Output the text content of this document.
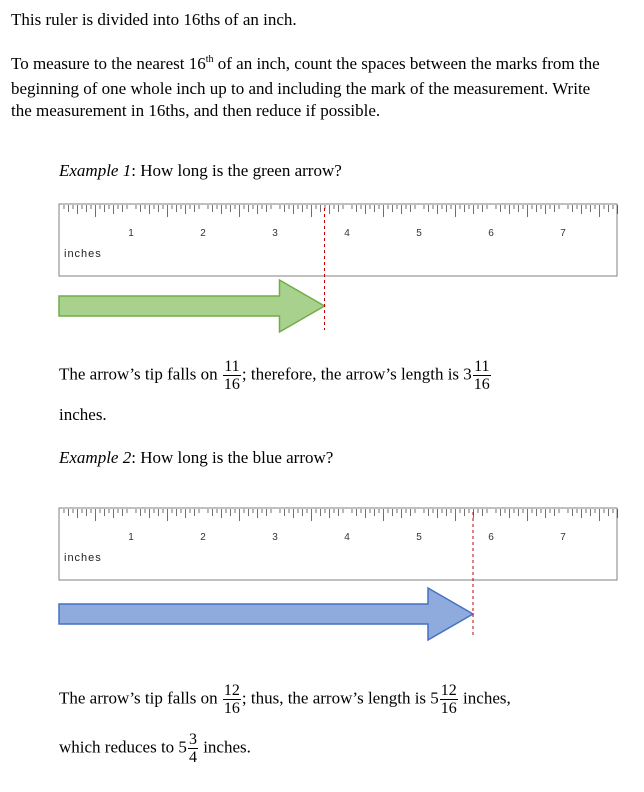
This ruler is divided into 16ths of an inch.
To measure to the nearest 16th of an inch, count the spaces between the marks from the beginning of one whole inch up to and including the mark of the measurement. Write the measurement in 16ths, and then reduce if possible.
Example 1: How long is the green arrow?
Example 2: How long is the blue arrow?
1	2	3	4	5	6	7
inches
1	2	3	4	5	6	7
inches
The arrow’s tip falls on $\frac{11}{16}$ ; therefore, the arrow’s length is $3 \frac{11}{16}$
inches.
The arrow’s tip falls on $\frac{12}{16}$ ; thus, the arrow’s length is $5 \frac{12}{16}$ inches,
which reduces to $5 \frac{3}{4}$ inches.
